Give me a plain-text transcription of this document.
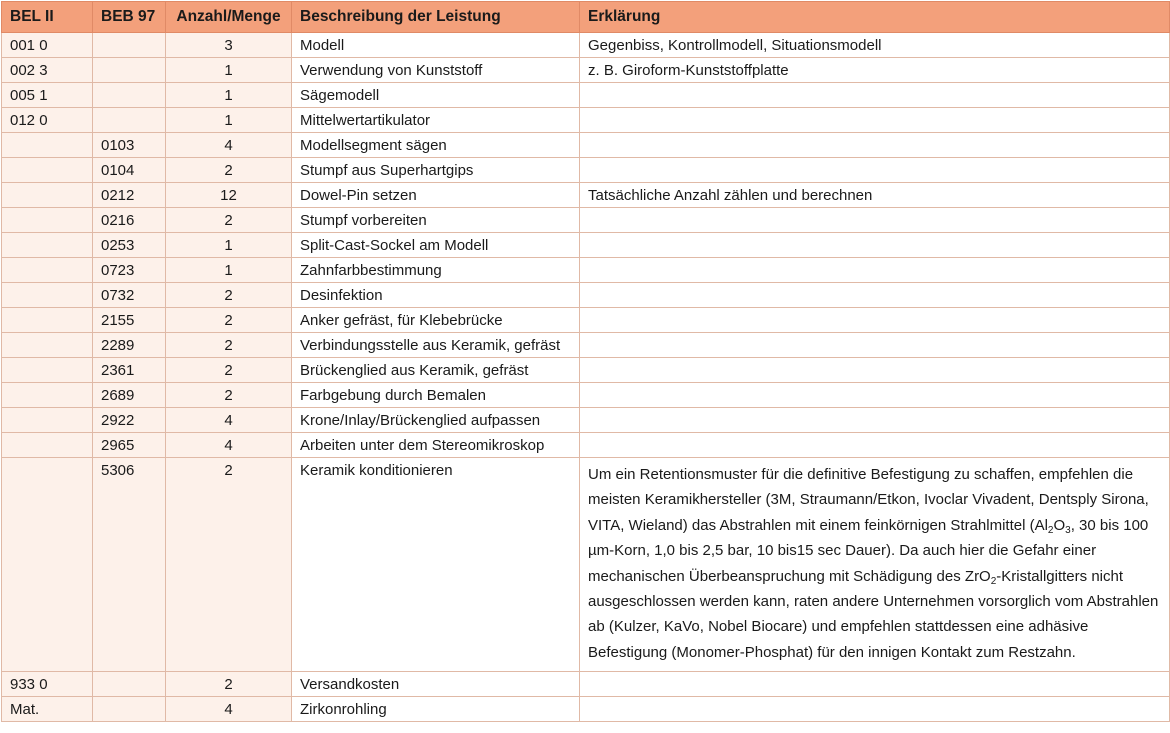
BEL II	BEB 97	Anzahl/Menge	Beschreibung der Leistung	Erklärung
001 0		3	Modell	Gegenbiss, Kontrollmodell, Situationsmodell
002 3		1	Verwendung von Kunststoff	z. B. Giroform-Kunststoffplatte
005 1		1	Sägemodell	
012 0		1	Mittelwertartikulator	
	0103	4	Modellsegment sägen	
	0104	2	Stumpf aus Superhartgips	
	0212	12	Dowel-Pin setzen	Tatsächliche Anzahl zählen und berechnen
	0216	2	Stumpf vorbereiten	
	0253	1	Split-Cast-Sockel am Modell	
	0723	1	Zahnfarbbestimmung	
	0732	2	Desinfektion	
	2155	2	Anker gefräst, für Klebebrücke	
	2289	2	Verbindungsstelle aus Keramik, gefräst	
	2361	2	Brückenglied aus Keramik, gefräst	
	2689	2	Farbgebung durch Bemalen	
	2922	4	Krone/Inlay/Brückenglied aufpassen	
	2965	4	Arbeiten unter dem Stereomikroskop	
	5306	2	Keramik konditionieren	Um ein Retentionsmuster für die definitive Befestigung zu schaffen, empfehlen die meisten Keramikhersteller (3M, Straumann/Etkon, Ivoclar Vivadent, Dentsply Sirona, VITA, Wieland) das Abstrahlen mit einem feinkörnigen Strahlmittel ($Al_2O_3$, 30 bis 100 µm-Korn, 1,0 bis 2,5 bar, 10 bis15 sec Dauer). Da auch hier die Gefahr einer mechanischen Überbeanspruchung mit Schädigung des ZrO$_2$-Kristallgitters nicht ausgeschlossen werden kann, raten andere Unternehmen vorsorglich vom Abstrahlen ab (Kulzer, KaVo, Nobel Biocare) und empfehlen stattdessen eine adhäsive Befestigung (Monomer-Phosphat) für den innigen Kontakt zum Restzahn.
933 0		2	Versandkosten	
Mat.		4	Zirkonrohling	
